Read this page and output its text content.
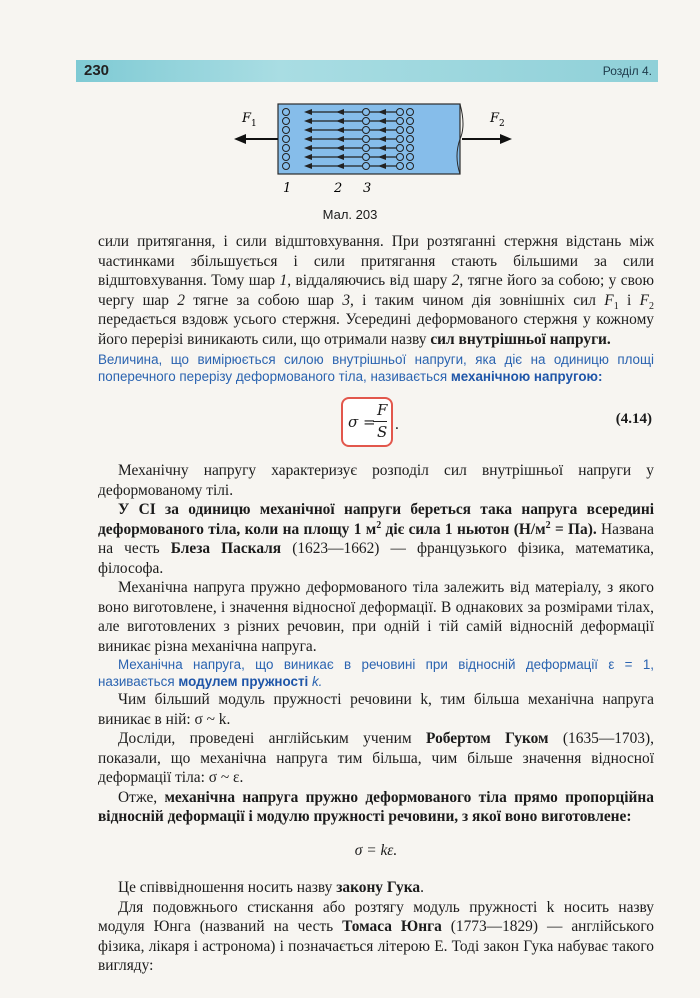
230	Розділ 4.
F 1	F 2
1	2 3
Мал. 203

сили притягання, і сили відштовхування. При розтяганні стержня відстань між частинками збільшується і сили притягання стають більшими за сили відштовхування. Тому шар 1, віддаляючись від шару 2, тягне його за собою; у свою чергу шар 2 тягне за собою шар 3, і таким чином дія зовнішніх сил $F_1$ і $F_2$ передається вздовж усього стержня. Усередині деформованого стержня у кожному його перерізі виникають сили, що отримали назву сил внутрішньої напруги.

Величина, що вимірюється силою внутрішньої напруги, яка діє на одиницю площі поперечного перерізу деформованого тіла, називається механічною напругою:

σ =
F
S .	(4.14)

Механічну напругу характеризує розподіл сил внутрішньої напруги у деформованому тілі.

У СІ за одиницю механічної напруги береться така напруга всередині деформованого тіла, коли на площу 1 $м^2$ діє сила 1 ньютон $(Н/м^2 = Па)$. Названа на честь Блеза Паскаля (1623—1662) — французького фізика, математика, філософа.

Механічна напруга пружно деформованого тіла залежить від матеріалу, з якого воно виготовлене, і значення відносної деформації. В однакових за розмірами тілах, але виготовлених з різних речовин, при одній і тій самій відносній деформації виникає різна механічна напруга.

Механічна напруга, що виникає в речовині при відносній деформації ε = 1, називається модулем пружності k.

Чим більший модуль пружності речовини k, тим більша механічна напруга виникає в ній: σ ~ k.

Досліди, проведені англійським ученим Робертом Гуком (1635—1703), показали, що механічна напруга тим більша, чим більше значення відносної деформації тіла: σ ~ ε.

Отже, механічна напруга пружно деформованого тіла прямо пропорційна відносній деформації і модулю пружності речовини, з якої воно виготовлене:

σ = kε.

Це співвідношення носить назву закону Гука.

Для подовжнього стискання або розтягу модуль пружності k носить назву модуля Юнга (названий на честь Томаса Юнга (1773—1829) — англійського фізика, лікаря і астронома) і позначається літерою E. Тоді закон Гука набуває такого вигляду:
